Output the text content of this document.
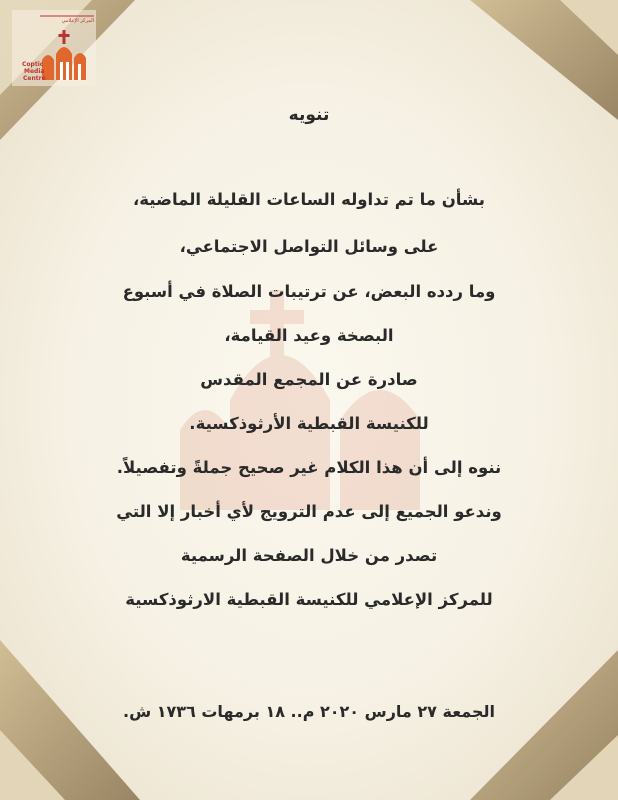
المركز الإعلامي
Coptic
Media
Centre
تنويه
بشأن ما تم تداوله الساعات القليلة الماضية،
على وسائل التواصل الاجتماعي،
وما ردده البعض، عن ترتيبات الصلاة في أسبوع
البصخة وعيد القيامة،
صادرة عن المجمع المقدس
للكنيسة القبطية الأرثوذكسية.
ننوه إلى أن هذا الكلام غير صحيح جملةً وتفصيلاً.
وندعو الجميع إلى عدم الترويج لأي أخبار إلا التي
تصدر من خلال الصفحة الرسمية
للمركز الإعلامي للكنيسة القبطية الارثوذكسية
الجمعة ٢٧ مارس ٢٠٢٠ م.. ١٨ برمهات ١٧٣٦ ش.
